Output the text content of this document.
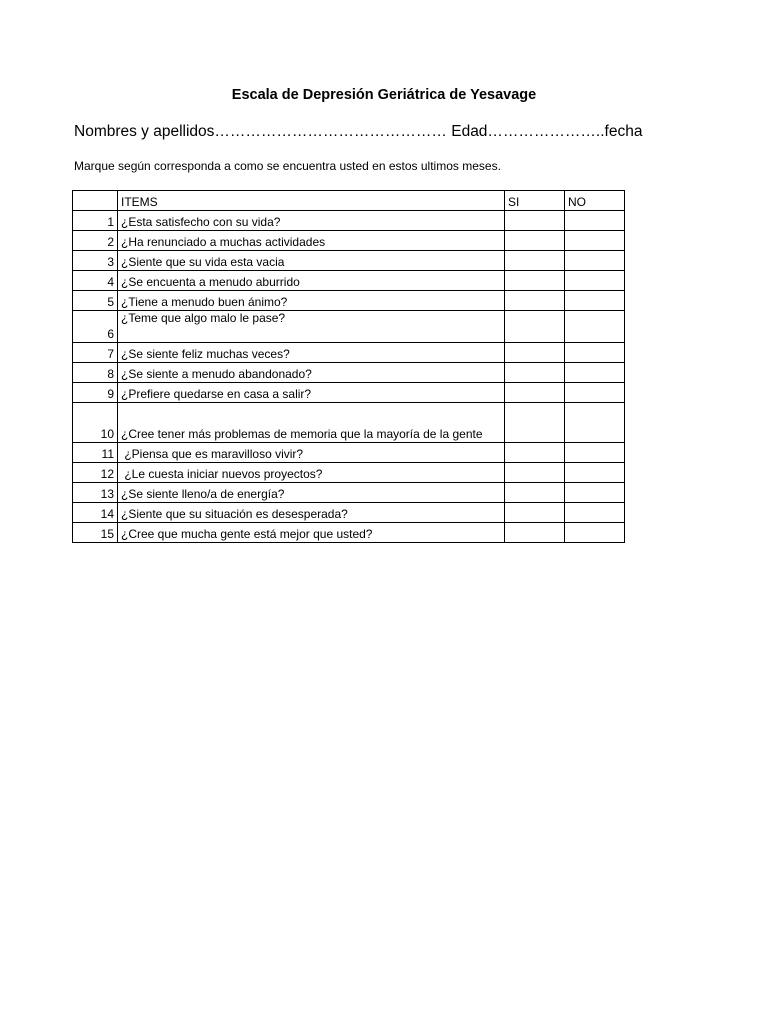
Escala de Depresión Geriátrica de Yesavage
Nombres y apellidos……………………………………… Edad…………………..fecha
Marque según corresponda a como se encuentra usted en estos ultimos meses.
	ITEMS	SI	NO
1	¿Esta satisfecho con su vida?		
2	¿Ha renunciado a muchas actividades		
3	¿Siente que su vida esta vacia		
4	¿Se encuenta a menudo aburrido		
5	¿Tiene a menudo buen ánimo?		
6	¿Teme que algo malo le pase?		
7	¿Se siente feliz muchas veces?		
8	¿Se siente a menudo abandonado?		
9	¿Prefiere quedarse en casa a salir?		
10	¿Cree tener más problemas de memoria que la mayoría de la gente		
11	¿Piensa que es maravilloso vivir?		
12	¿Le cuesta iniciar nuevos proyectos?		
13	¿Se siente lleno/a de energía?		
14	¿Siente que su situación es desesperada?		
15	¿Cree que mucha gente está mejor que usted?		
